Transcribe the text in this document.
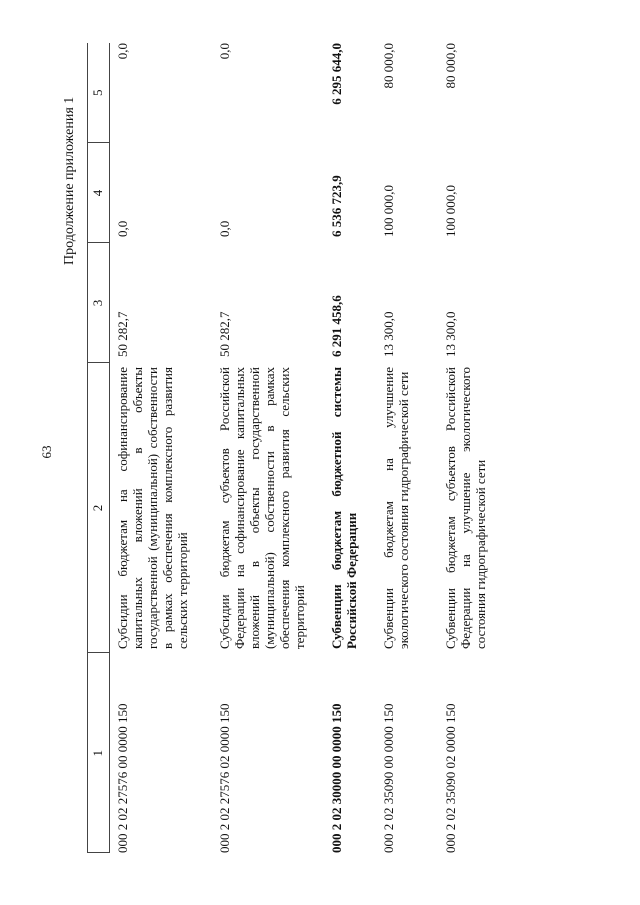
63
Продолжение приложения 1
1	2	3	4	5
000 2 02 27576 00 0000 150	Субсидии бюджетам на софинансирование капитальных вложений в объекты государственной (муниципальной) собственности в рамках обеспечения комплексного развития сельских территорий	50 282,7	0,0	0,0
000 2 02 27576 02 0000 150	Субсидии бюджетам субъектов Российской Федерации на софинансирование капитальных вложений в объекты государственной (муниципальной) собственности в рамках обеспечения комплексного развития сельских территорий	50 282,7	0,0	0,0
000 2 02 30000 00 0000 150	Субвенции бюджетам бюджетной системы Российской Федерации	6 291 458,6	6 536 723,9	6 295 644,0
000 2 02 35090 00 0000 150	Субвенции бюджетам на улучшение экологического состояния гидрографической сети	13 300,0	100 000,0	80 000,0
000 2 02 35090 02 0000 150	Субвенции бюджетам субъектов Российской Федерации на улучшение экологического состояния гидрографической сети	13 300,0	100 000,0	80 000,0
